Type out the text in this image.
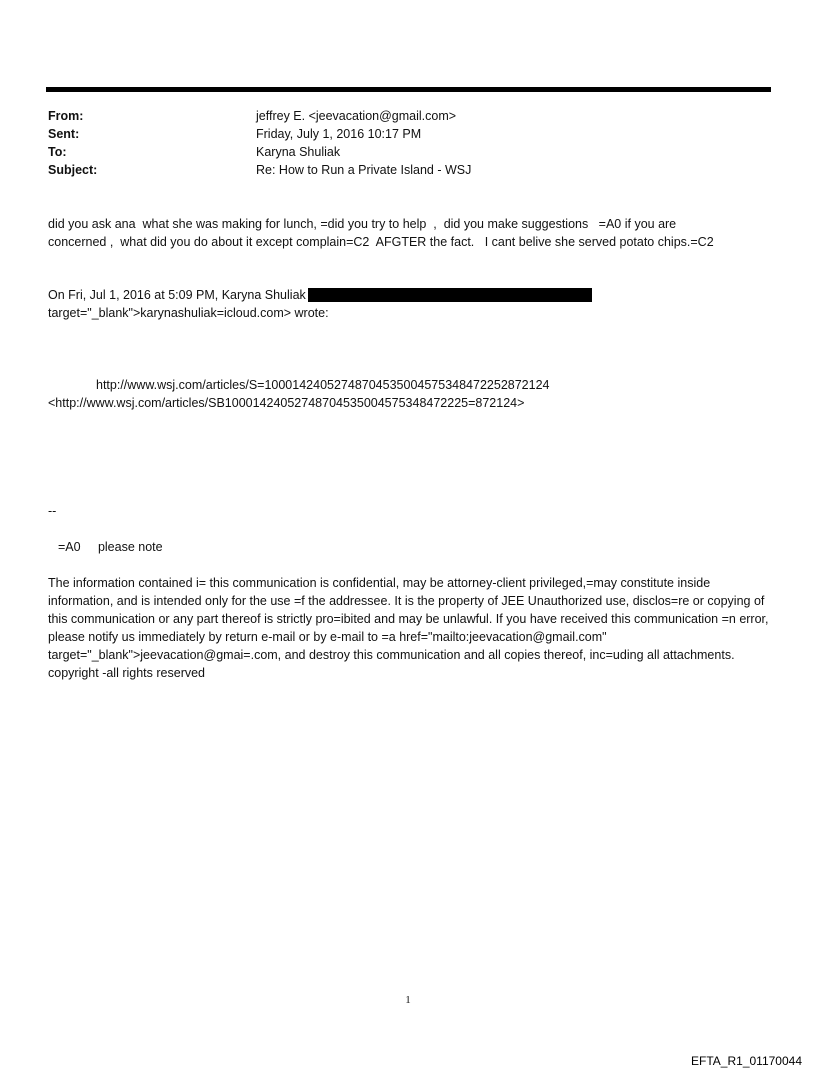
From:	jeffrey E. <jeevacation@gmail.com>
Sent:	Friday, July 1, 2016 10:17 PM
To:	Karyna Shuliak
Subject:	Re: How to Run a Private Island - WSJ
did you ask ana  what she was making for lunch, =did you try to help  ,  did you make suggestions   =A0 if you are
concerned ,  what did you do about it except complain=C2  AFGTER the fact.   I cant belive she served potato chips.=C2
On Fri, Jul 1, 2016 at 5:09 PM, Karyna Shuliak
target="_blank">karynashuliak=icloud.com> wrote:
http://www.wsj.com/articles/S=10001424052748704535004575348472252872124
<http://www.wsj.com/articles/SB10001424052748704535004575348472225=872124>
--
=A0     please note

The information contained i= this communication is confidential, may be attorney-client privileged,=may constitute inside information, and is intended only for the use =f the addressee. It is the property of JEE Unauthorized use, disclos=re or copying of this communication or any part thereof is strictly pro=ibited and may be unlawful. If you have received this communication =n error, please notify us immediately by return e-mail or by e-mail to =a href="mailto:jeevacation@gmail.com" target="_blank">jeevacation@gmai=.com, and destroy this communication and all copies thereof, inc=uding all attachments. copyright -all rights reserved

1
EFTA_R1_01170044
